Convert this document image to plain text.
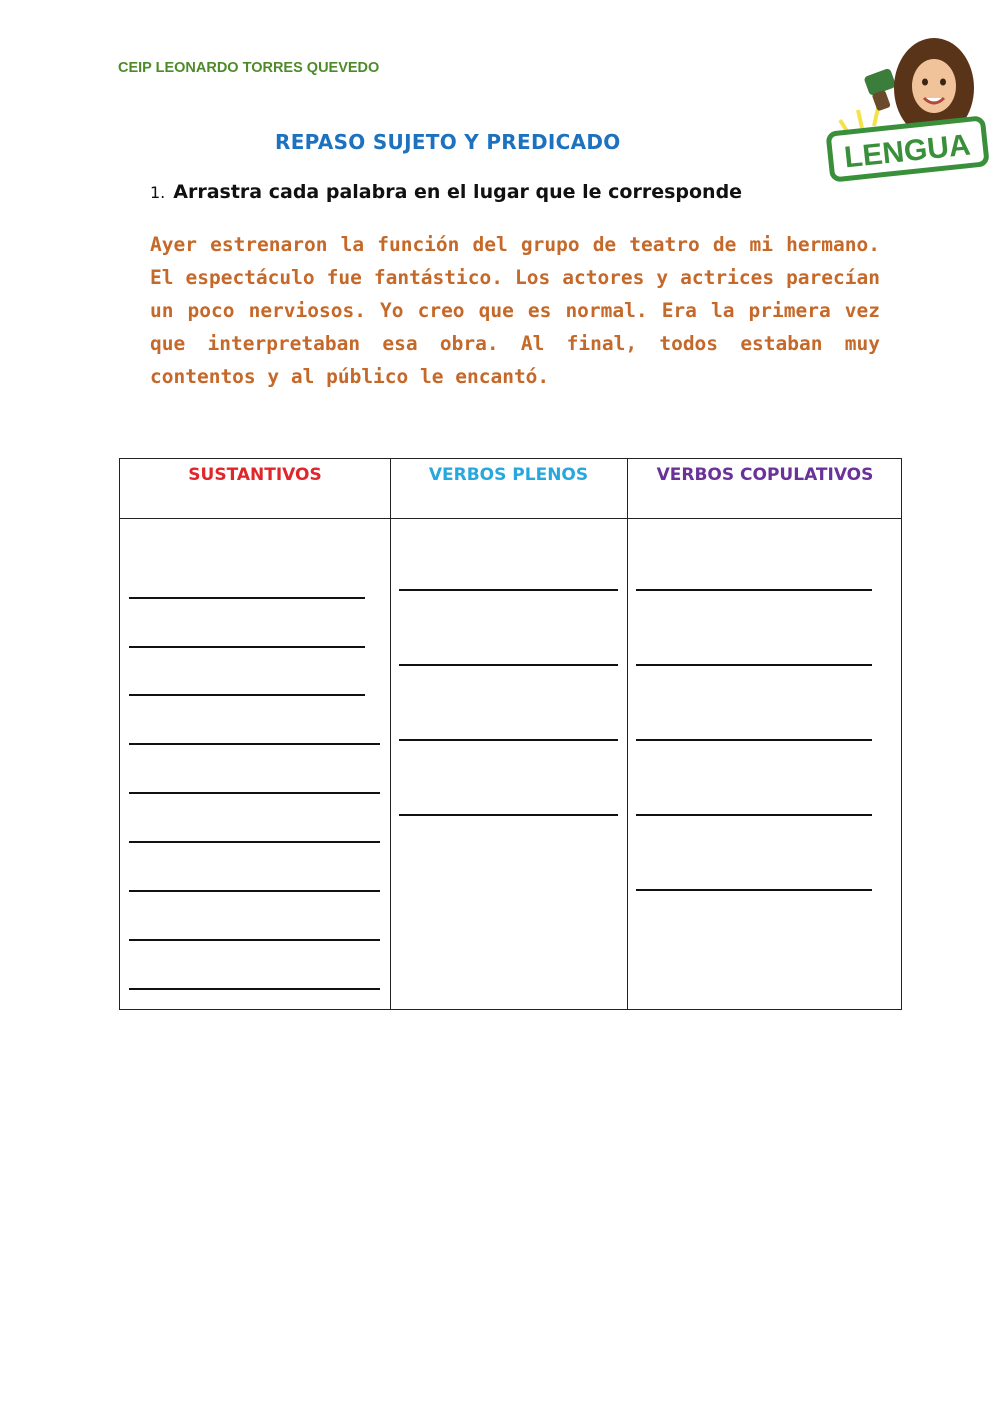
CEIP LEONARDO TORRES QUEVEDO
LENGUA
REPASO SUJETO Y PREDICADO
1. Arrastra cada palabra en el lugar que le corresponde
Ayer estrenaron la función del grupo de teatro de mi hermano. El espectáculo fue fantástico. Los actores y actrices parecían un poco nerviosos. Yo creo que es normal. Era la primera vez que interpretaban esa obra. Al final, todos estaban muy contentos y al público le encantó.
SUSTANTIVOS	VERBOS PLENOS	VERBOS COPULATIVOS
